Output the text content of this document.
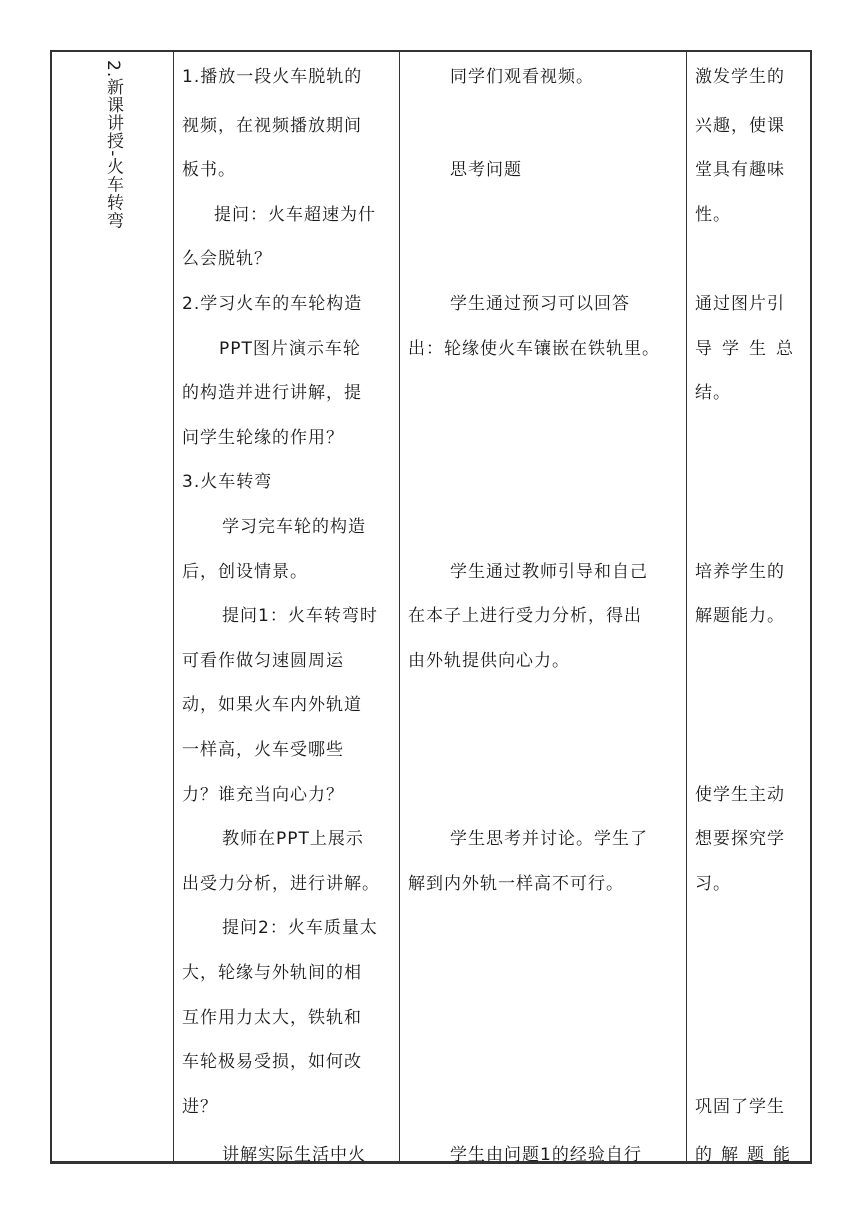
2.新课讲授-火车转弯	1.播放一段火车脱轨的
视频，在视频播放期间
板书。
提问：火车超速为什
么会脱轨？
2.学习火车的车轮构造
PPT图片演示车轮
的构造并进行讲解，提
问学生轮缘的作用？
3.火车转弯
学习完车轮的构造
后，创设情景。
提问1：火车转弯时
可看作做匀速圆周运
动，如果火车内外轨道
一样高，火车受哪些
力？谁充当向心力？
教师在PPT上展示
出受力分析，进行讲解。
提问2：火车质量太
大，轮缘与外轨间的相
互作用力太大，铁轨和
车轮极易受损，如何改
进？
讲解实际生活中火
同学们观看视频。
思考问题
学生通过预习可以回答
出：轮缘使火车镶嵌在铁轨里。
学生通过教师引导和自己
在本子上进行受力分析，得出
由外轨提供向心力。
学生思考并讨论。学生了
解到内外轨一样高不可行。
学生由问题1的经验自行
激发学生的
兴趣，使课
堂具有趣味
性。
通过图片引
导学生总
结。
培养学生的
解题能力。
使学生主动
想要探究学
习。
巩固了学生
的解题能
